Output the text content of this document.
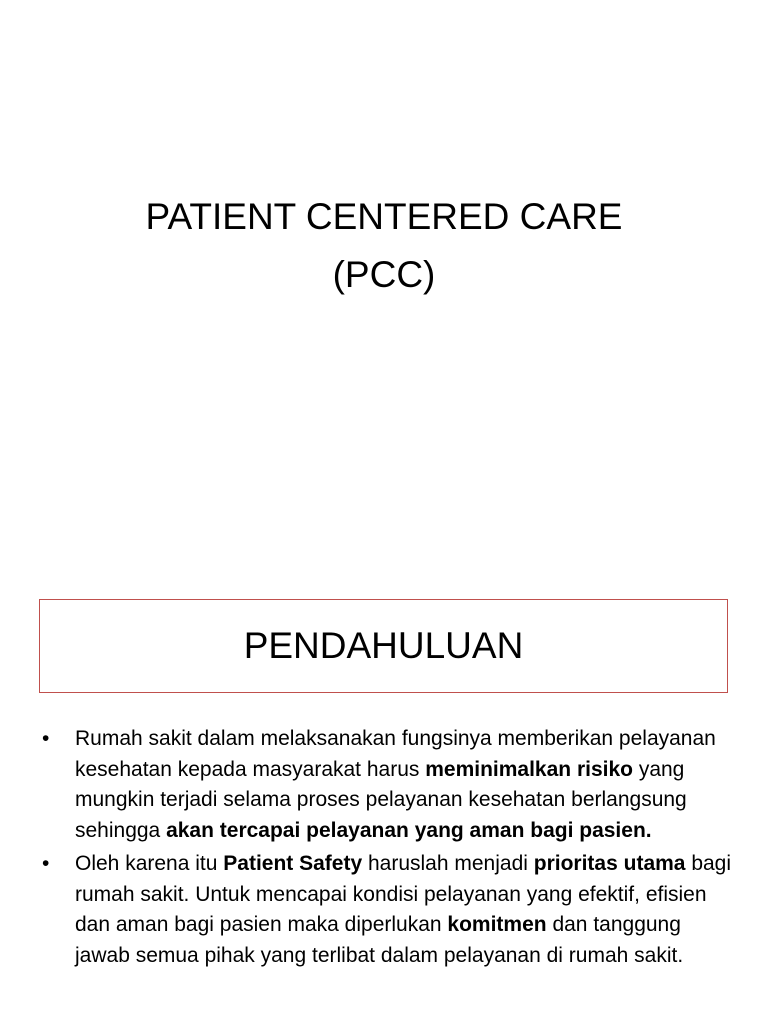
PATIENT CENTERED CARE
(PCC)
PENDAHULUAN
•	Rumah sakit dalam melaksanakan fungsinya memberikan pelayanan kesehatan kepada masyarakat harus meminimalkan risiko yang mungkin terjadi selama proses pelayanan kesehatan berlangsung sehingga akan tercapai pelayanan yang aman bagi pasien.
•	Oleh karena itu Patient Safety haruslah menjadi prioritas utama bagi rumah sakit. Untuk mencapai kondisi pelayanan yang efektif, efisien dan aman bagi pasien maka diperlukan komitmen dan tanggung jawab semua pihak yang terlibat dalam pelayanan di rumah sakit.
